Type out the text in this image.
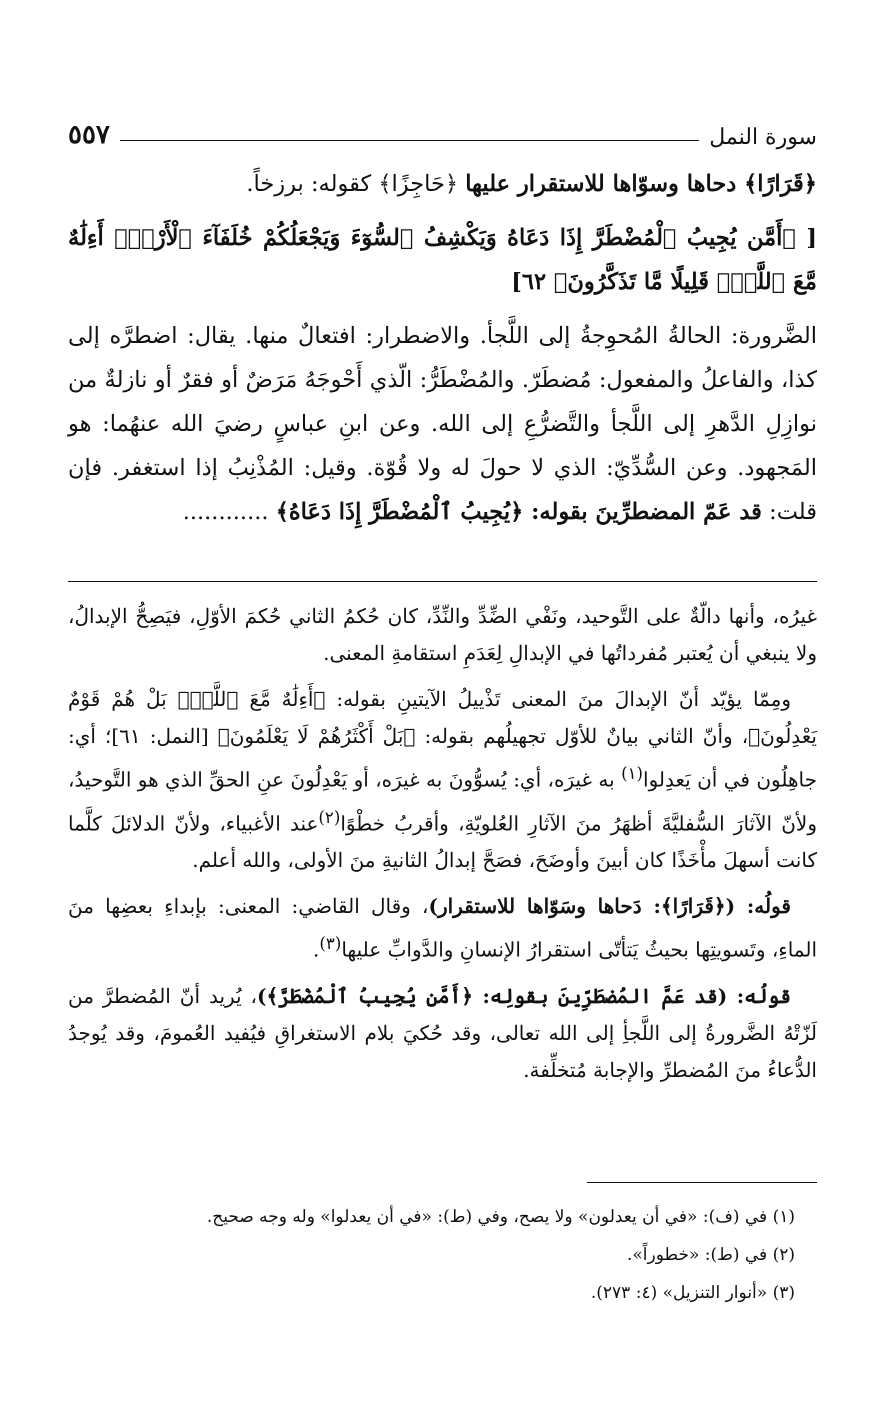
سورة النمل
٥٥٧

﴿قَرَارًا﴾ دحاها وسوّاها للاستقرار عليها ﴿حَاجِزًا﴾ كقوله: برزخاً.

[ ﴿أَمَّن يُجِيبُ ٱلْمُضْطَرَّ إِذَا دَعَاهُ وَيَكْشِفُ ٱلسُّوٓءَ وَيَجْعَلُكُمْ خُلَفَآءَ ٱلْأَرْضِۗ أَءِلَٰهٌ مَّعَ ٱللَّهِۚ قَلِيلًا مَّا تَذَكَّرُونَ﴾ ٦٢]

الضَّرورة: الحالةُ المُحوِجةُ إلى اللَّجأ. والاضطرار: افتعالٌ منها. يقال: اضطرَّه إلى كذا، والفاعلُ والمفعول: مُضطَرّ. والمُضْطَرُّ: الّذي أَحْوجَهُ مَرَضٌ أو فقرٌ أو نازلةٌ من نوازِلِ الدَّهرِ إلى اللَّجأ والتَّضرُّعِ إلى الله. وعن ابنِ عباسٍ رضيَ الله عنهُما: هو المَجهود. وعن السُّدِّيّ: الذي لا حولَ له ولا قُوّة. وقيل: المُذْنِبُ إذا استغفر. فإن قلت: قد عَمّ المضطرِّينَ بقوله: ﴿يُجِيبُ ٱلْمُضْطَرَّ إِذَا دَعَاهُ﴾ ............

غيرُه، وأنها دالّةٌ على التَّوحيد، ونَفْي الضِّدِّ والنِّدِّ، كان حُكمُ الثاني حُكمَ الأوّلِ، فيَصِحُّ الإبدالُ، ولا ينبغي أن يُعتبر مُفرداتُها في الإبدالِ لِعَدَمِ استقامةِ المعنى.

ومِمّا يؤيّد أنّ الإبدالَ منَ المعنى تَذْييلُ الآيتينِ بقوله: ﴿أَءِلَٰهٌ مَّعَ ٱللَّهِۚ بَلْ هُمْ قَوْمٌ يَعْدِلُونَ﴾، وأنّ الثاني بيانٌ للأوّل تجهيلُهم بقوله: ﴿بَلْ أَكْثَرُهُمْ لَا يَعْلَمُونَ﴾ [النمل: ٦١]؛ أي: جاهِلُون في أن يَعدِلوا$^{(١)}$ به غيرَه، أي: يُسوُّونَ به غيرَه، أو يَعْدِلُونَ عنِ الحقِّ الذي هو التَّوحيدُ، ولأنّ الآثارَ السُّفليَّةَ أظهَرُ منَ الآثارِ العُلويّةِ، وأقربُ خطْوًا$^{(٢)}$عند الأغبياء، ولأنّ الدلائلَ كلَّما كانت أسهلَ مأْخَذًا كان أبينَ وأوضَحَ، فصَحَّ إبدالُ الثانيةِ منَ الأولى، والله أعلم.

قولُه: (﴿قَرَارًا﴾: دَحاها وسَوّاها للاستقرار)، وقال القاضي: المعنى: بإبداءِ بعضِها منَ الماءِ، وتَسويتِها بحيثُ يَتأتّى استقرارُ الإنسانِ والدَّوابِّ عليها$^{(٣)}$.

قولُه: (قد عَمَّ المُضطَرِّينَ بقولِه: ﴿أَمَّن يُجِيبُ ٱلْمُضْطَرَّ﴾)، يُريد أنّ المُضطرَّ من لَزّتْهُ الضَّرورةُ إلى اللَّجأِ إلى الله تعالى، وقد حُكيَ بلام الاستغراقِ فيُفيد العُمومَ، وقد يُوجدُ الدُّعاءُ منَ المُضطرِّ والإجابة مُتخلِّفة.

(١) في (ف): «في أن يعدلون» ولا يصح، وفي (ط): «في أن يعدلوا» وله وجه صحيح.

(٢) في (ط): «خطوراً».

(٣) «أنوار التنزيل» (٤: ٢٧٣).
